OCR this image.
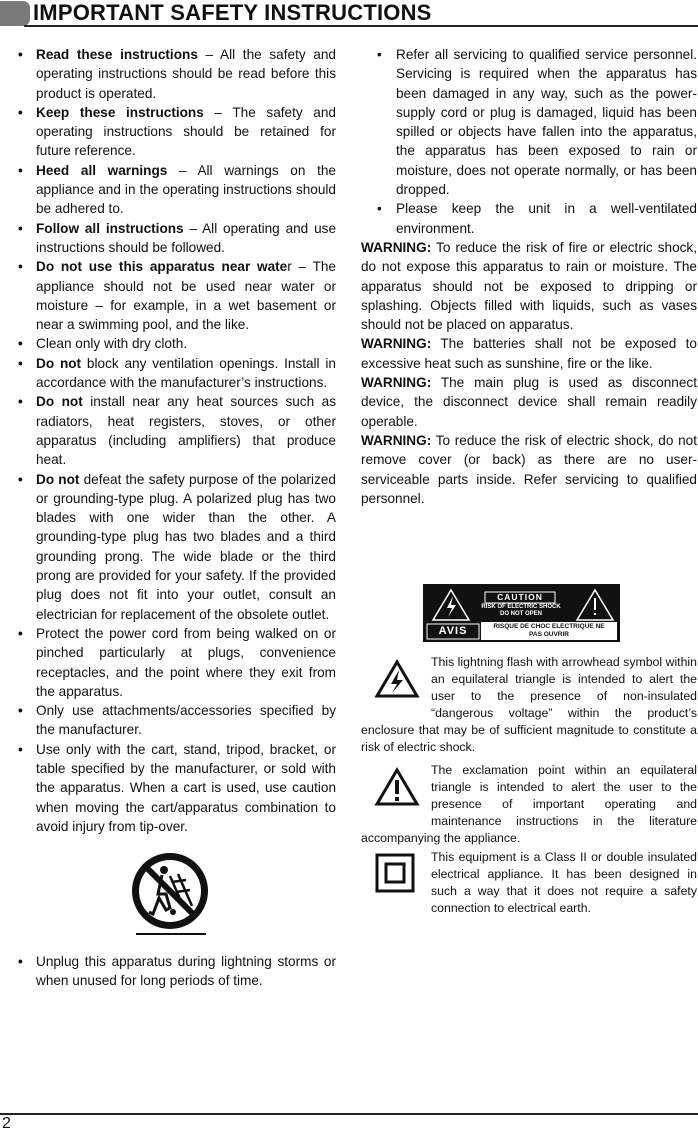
IMPORTANT SAFETY INSTRUCTIONS
• Read these instructions – All the safety and operating instructions should be read before this product is operated.
• Keep these instructions – The safety and operating instructions should be retained for future reference.
• Heed all warnings – All warnings on the appliance and in the operating instructions should be adhered to.
• Follow all instructions – All operating and use instructions should be followed.
• Do not use this apparatus near water – The appliance should not be used near water or moisture – for example, in a wet basement or near a swimming pool, and the like.
• Clean only with dry cloth.
• Do not block any ventilation openings. Install in accordance with the manufacturer’s instructions.
• Do not install near any heat sources such as radiators, heat registers, stoves, or other apparatus (including amplifiers) that produce heat.
• Do not defeat the safety purpose of the polarized or grounding-type plug. A polarized plug has two blades with one wider than the other. A grounding-type plug has two blades and a third grounding prong. The wide blade or the third prong are provided for your safety. If the provided plug does not fit into your outlet, consult an electrician for replacement of the obsolete outlet.
• Protect the power cord from being walked on or pinched particularly at plugs, convenience receptacles, and the point where they exit from the apparatus.
• Only use attachments/accessories specified by the manufacturer.
• Use only with the cart, stand, tripod, bracket, or table specified by the manufacturer, or sold with the apparatus. When a cart is used, use caution when moving the cart/apparatus combination to avoid injury from tip-over.
• Unplug this apparatus during lightning storms or when unused for long periods of time.
• Refer all servicing to qualified service personnel. Servicing is required when the apparatus has been damaged in any way, such as the power-supply cord or plug is damaged, liquid has been spilled or objects have fallen into the apparatus, the apparatus has been exposed to rain or moisture, does not operate normally, or has been dropped.
• Please keep the unit in a well-ventilated environment.
WARNING: To reduce the risk of fire or electric shock, do not expose this apparatus to rain or moisture. The apparatus should not be exposed to dripping or splashing. Objects filled with liquids, such as vases should not be placed on apparatus.
WARNING: The batteries shall not be exposed to excessive heat such as sunshine, fire or the like.
WARNING: The main plug is used as disconnect device, the disconnect device shall remain readily operable.
WARNING: To reduce the risk of electric shock, do not remove cover (or back) as there are no user-serviceable parts inside. Refer servicing to qualified personnel.
CAUTION
RISK OF ELECTRIC SHOCK
DO NOT OPEN
AVIS	RISQUE DE CHOC ELECTRIQUE NE
PAS OUVRIR
This lightning flash with arrowhead symbol within an equilateral triangle is intended to alert the user to the presence of non-insulated “dangerous voltage” within the product’s enclosure that may be of sufficient magnitude to constitute a risk of electric shock.
The exclamation point within an equilateral triangle is intended to alert the user to the presence of important operating and maintenance instructions in the literature accompanying the appliance.
This equipment is a Class II or double insulated electrical appliance. It has been designed in such a way that it does not require a safety connection to electrical earth.
2
